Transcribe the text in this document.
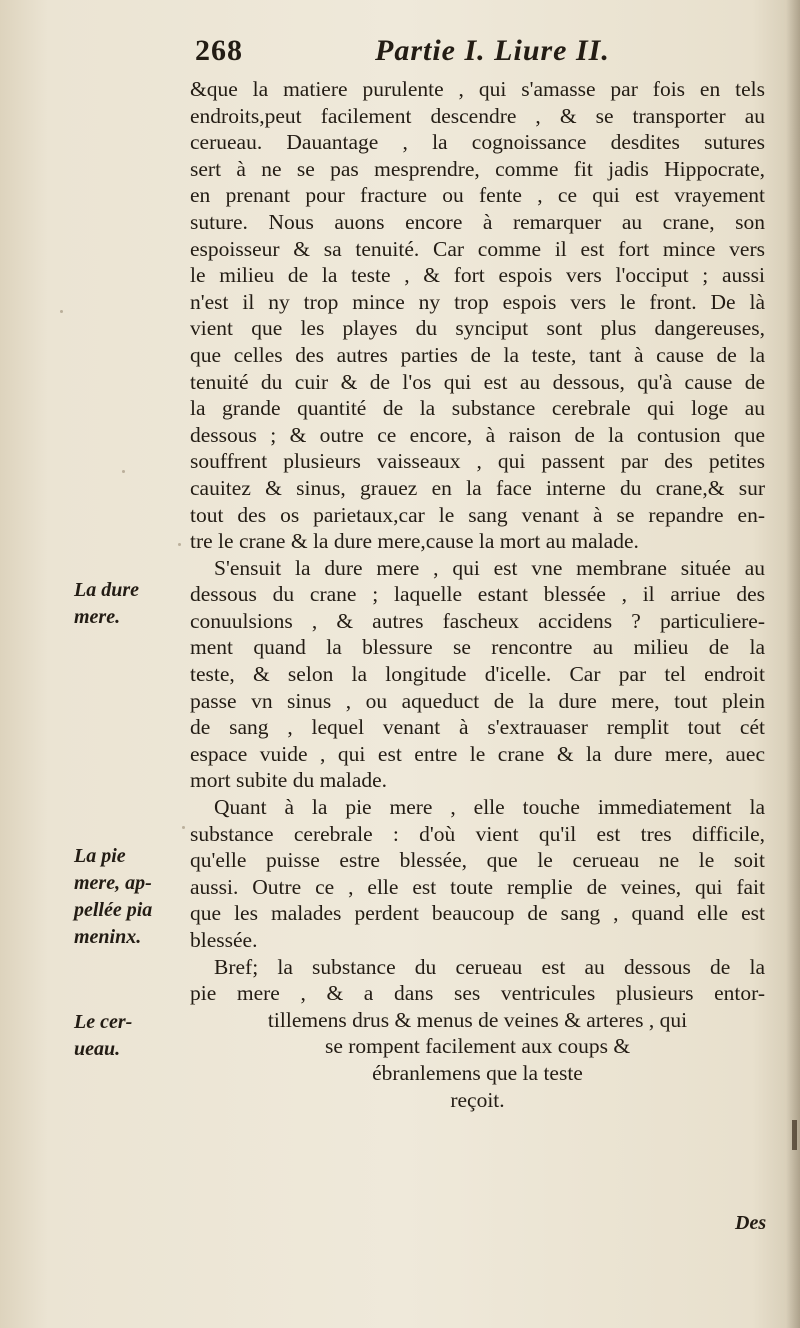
268	Partie I. Liure II.
&que la matiere purulente , qui s'amasse par fois en tels
endroits,peut facilement descendre , & se transporter au
cerueau. Dauantage , la cognoissance desdites sutures
sert à ne se pas mesprendre, comme fit jadis Hippocrate,
en prenant pour fracture ou fente , ce qui est vrayement
suture. Nous auons encore à remarquer au crane, son
espoisseur & sa tenuité. Car comme il est fort mince vers
le milieu de la teste , & fort espois vers l'occiput ; aussi
n'est il ny trop mince ny trop espois vers le front. De là
vient que les playes du synciput sont plus dangereuses,
que celles des autres parties de la teste, tant à cause de la
tenuité du cuir & de l'os qui est au dessous, qu'à cause de
la grande quantité de la substance cerebrale qui loge au
dessous ; & outre ce encore, à raison de la contusion que
souffrent plusieurs vaisseaux , qui passent par des petites
cauitez & sinus, grauez en la face interne du crane,& sur
tout des os parietaux,car le sang venant à se repandre en-
tre le crane & la dure mere,cause la mort au malade.
S'ensuit la dure mere , qui est vne membrane située au
dessous du crane ; laquelle estant blessée , il arriue des
conuulsions , & autres fascheux accidens ? particuliere-
ment quand la blessure se rencontre au milieu de la
teste, & selon la longitude d'icelle. Car par tel endroit
passe vn sinus , ou aqueduct de la dure mere, tout plein
de sang , lequel venant à s'extrauaser remplit tout cét
espace vuide , qui est entre le crane & la dure mere, auec
mort subite du malade.
Quant à la pie mere , elle touche immediatement la
substance cerebrale : d'où vient qu'il est tres difficile,
qu'elle puisse estre blessée, que le cerueau ne le soit
aussi. Outre ce , elle est toute remplie de veines, qui fait
que les malades perdent beaucoup de sang , quand elle est
blessée.
Bref; la substance du cerueau est au dessous de la
pie mere , & a dans ses ventricules plusieurs entor-
tillemens drus & menus de veines & arteres , qui
se rompent facilement aux coups &
ébranlemens que la teste
reçoit.
La dure
mere.
La pie
mere, ap-
pellée pia
meninx.
Le cer-
ueau.
Des
